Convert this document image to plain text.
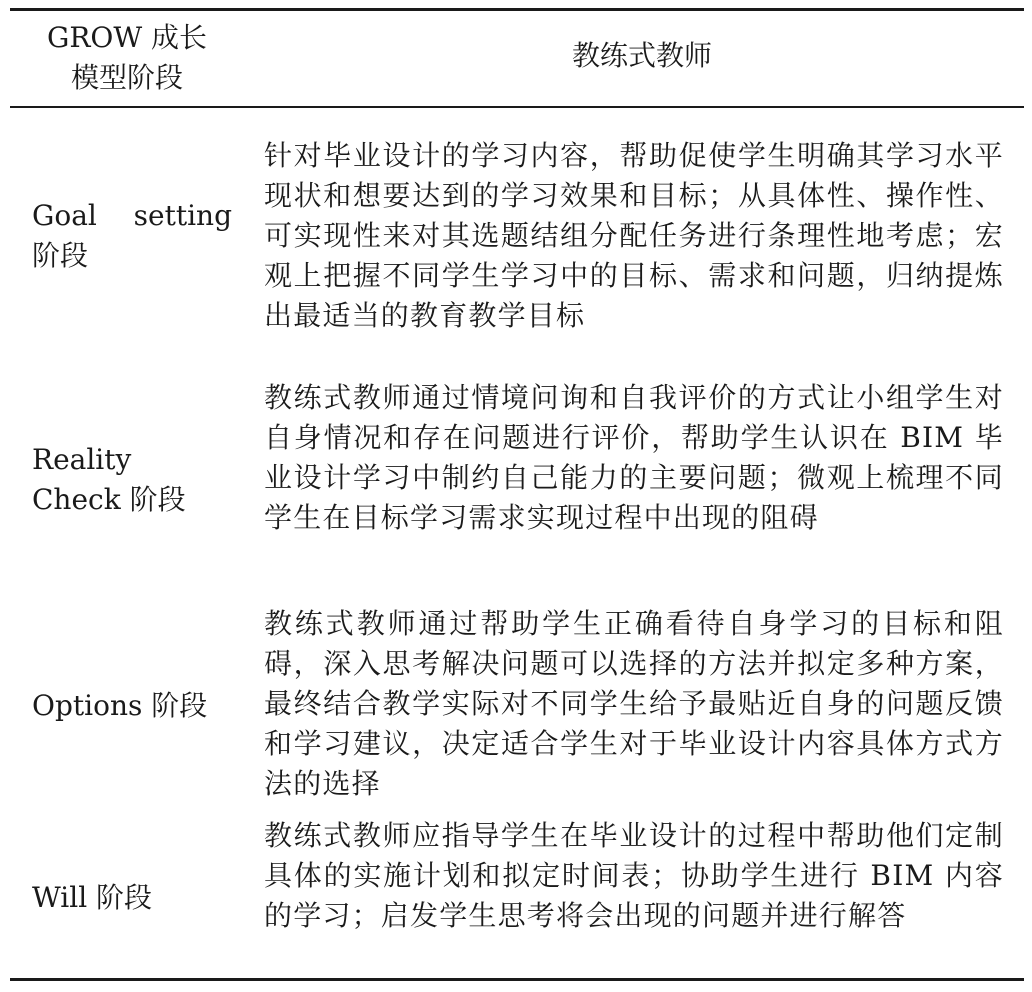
GROW 成长
模型阶段
教练式教师
Goal setting
阶段
针对毕业设计的学习内容，帮助促使学生明确其学习水平现状和想要达到的学习效果和目标；从具体性、操作性、可实现性来对其选题结组分配任务进行条理性地考虑；宏观上把握不同学生学习中的目标、需求和问题，归纳提炼出最适当的教育教学目标
Reality
Check 阶段
教练式教师通过情境问询和自我评价的方式让小组学生对自身情况和存在问题进行评价，帮助学生认识在 BIM 毕业设计学习中制约自己能力的主要问题；微观上梳理不同学生在目标学习需求实现过程中出现的阻碍
Options 阶段
教练式教师通过帮助学生正确看待自身学习的目标和阻碍，深入思考解决问题可以选择的方法并拟定多种方案，最终结合教学实际对不同学生给予最贴近自身的问题反馈和学习建议，决定适合学生对于毕业设计内容具体方式方法的选择
Will 阶段
教练式教师应指导学生在毕业设计的过程中帮助他们定制具体的实施计划和拟定时间表；协助学生进行 BIM 内容的学习；启发学生思考将会出现的问题并进行解答
